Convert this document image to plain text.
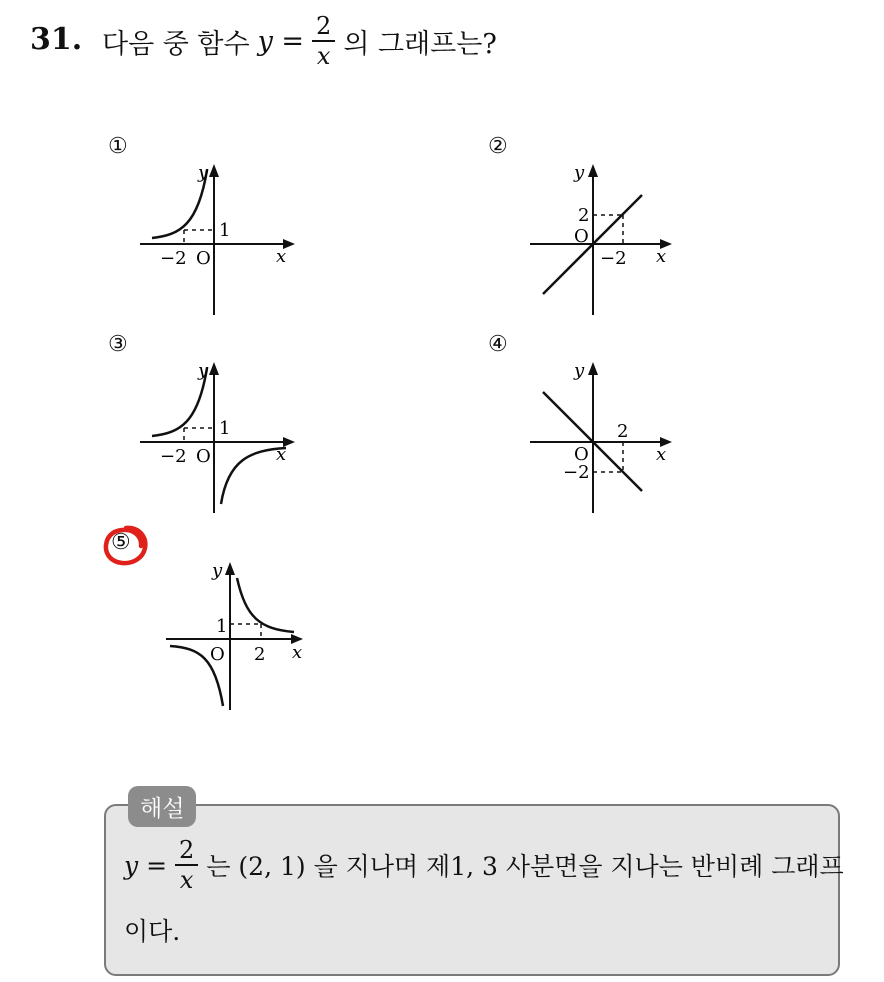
31. 다음 중 함수 $y = \frac{2}{x}$ 의 그래프는?
①	②
③	④
⑤
y
x
O
−2
1
y
x
O
2
−2
y
x
O
−2
1
y
x
O
2
−2
y
x
O 2
1
해설
$y = \frac{2}{x}$ 는 (2, 1) 을 지나며 제1, 3 사분면을 지나는 반비례 그래프
이다.
